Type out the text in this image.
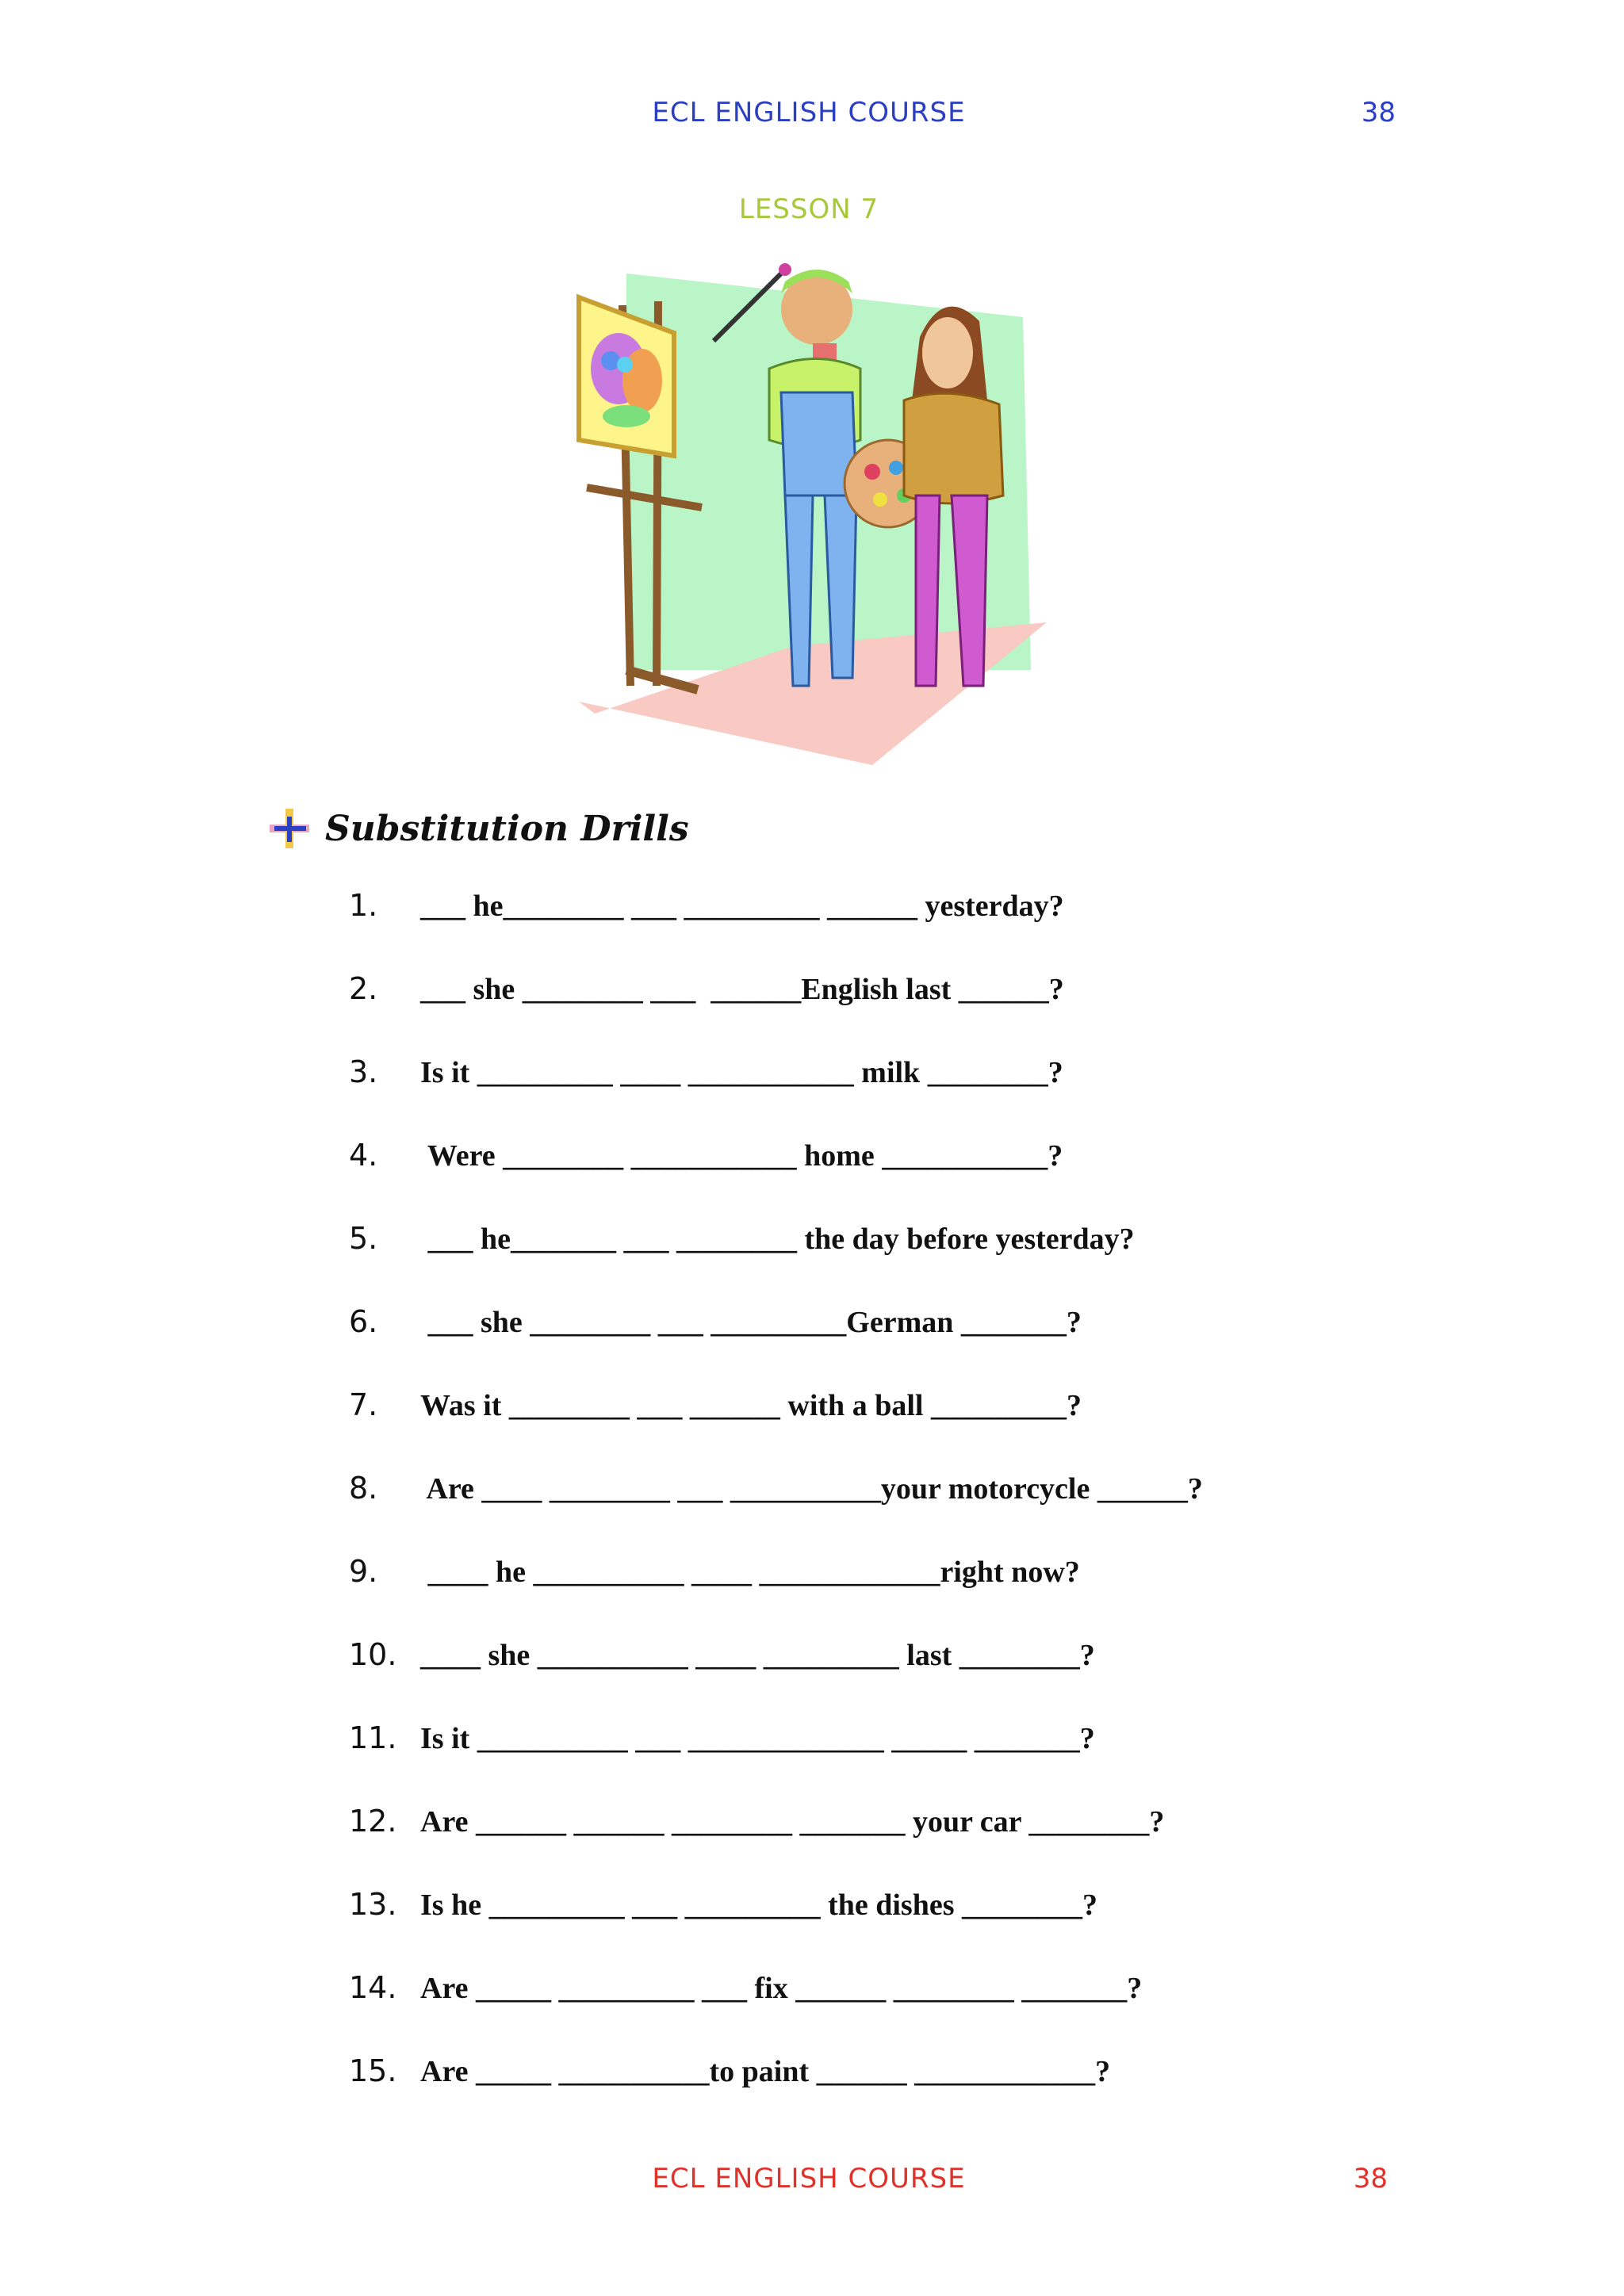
ECL ENGLISH COURSE	38
LESSON 7
Substitution Drills
1.	___ he________ ___ _________ ______ yesterday?
2.	___ she ________ ___  ______English last ______?
3.	Is it _________ ____ ___________ milk ________?
4.	Were ________ ___________ home ___________?
5.	___ he_______ ___ ________ the day before yesterday?
6.	___ she ________ ___ _________German _______?
7.	Was it ________ ___ ______ with a ball _________?
8.	Are ____ ________ ___ __________your motorcycle ______?
9.	____ he __________ ____ ____________right now?
10. ____ she __________ ____ _________ last ________?
11. Is it __________ ___ _____________ _____ _______?
12. Are ______ ______ ________ _______ your car ________?
13. Is he _________ ___ _________ the dishes ________?
14. Are _____ _________ ___ fix ______ ________ _______?
15. Are _____ __________to paint ______ ____________?
ECL ENGLISH COURSE	38
